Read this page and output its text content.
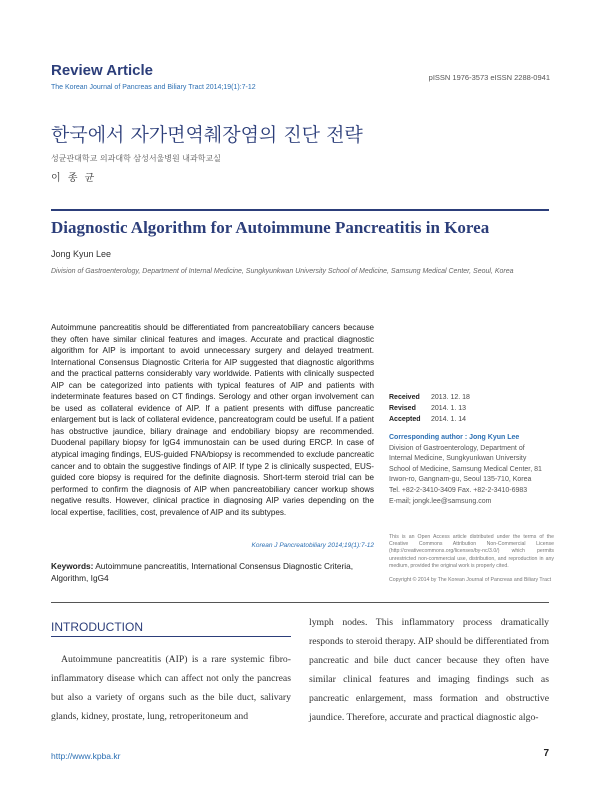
Review Article
The Korean Journal of Pancreas and Biliary Tract 2014;19(1):7-12
pISSN 1976-3573 eISSN 2288-0941
한국에서 자가면역췌장염의 진단 전략
성균관대학교 의과대학 삼성서울병원 내과학교실
이 종 균
Diagnostic Algorithm for Autoimmune Pancreatitis in Korea
Jong Kyun Lee
Division of Gastroenterology, Department of Internal Medicine, Sungkyunkwan University School of Medicine, Samsung Medical Center, Seoul, Korea
Autoimmune pancreatitis should be differentiated from pancreatobiliary cancers because they often have similar clinical features and images. Accurate and practical diagnostic algorithm for AIP is important to avoid unnecessary surgery and delayed treatment. International Consensus Diagnostic Criteria for AIP suggested that diagnostic algorithms and the practical patterns considerably vary worldwide. Patients with clinically suspected AIP can be categorized into patients with typical features of AIP and patients with indeterminate features based on CT findings. Serology and other organ involvement can be used as collateral evidence of AIP. If a patient presents with diffuse pancreatic enlargement but is lack of collateral evidence, pancreatogram could be useful. If a patient has obstructive jaundice, biliary drainage and endobiliary biopsy are recommended. Duodenal papillary biopsy for IgG4 immunostain can be used during ERCP. In case of atypical imaging findings, EUS-guided FNA/biopsy is recommended to exclude pancreatic cancer and to obtain the suggestive findings of AIP. If type 2 is clinically suspected, EUS-guided core biopsy is required for the definite diagnosis. Short-term steroid trial can be performed to confirm the diagnosis of AIP when pancreatobiliary cancer workup shows negative results. However, clinical practice in diagnosing AIP varies depending on the local expertise, facilities, cost, prevalence of AIP and its subtypes.
Korean J Pancreatobiliary 2014;19(1):7-12
Keywords: Autoimmune pancreatitis, International Consensus Diagnostic Criteria, Algorithm, IgG4
Received	2013. 12. 18
Revised	2014. 1. 13
Accepted	2014. 1. 14
Corresponding author : Jong Kyun Lee
Division of Gastroenterology, Department of
Internal Medicine, Sungkyunkwan University
School of Medicine, Samsung Medical Center, 81
Irwon-ro, Gangnam-gu, Seoul 135-710, Korea
Tel. +82-2-3410-3409 Fax. +82-2-3410-6983
E-mail; jongk.lee@samsung.com
This is an Open Access article distributed under the terms of the Creative Commons Attribution Non-Commercial License (http://creativecommons.org/licenses/by-nc/3.0/) which permits unrestricted non-commercial use, distribution, and reproduction in any medium, provided the original work is properly cited.
Copyright © 2014 by The Korean Journal of Pancreas and Biliary Tract
INTRODUCTION
Autoimmune pancreatitis (AIP) is a rare systemic fibro-inflammatory disease which can affect not only the pancreas but also a variety of organs such as the bile duct, salivary glands, kidney, prostate, lung, retroperitoneum and
lymph nodes. This inflammatory process dramatically responds to steroid therapy. AIP should be differentiated from pancreatic and bile duct cancer because they often have similar clinical features and imaging findings such as pancreatic enlargement, mass formation and obstructive jaundice. Therefore, accurate and practical diagnostic algo-
http://www.kpba.kr	7
